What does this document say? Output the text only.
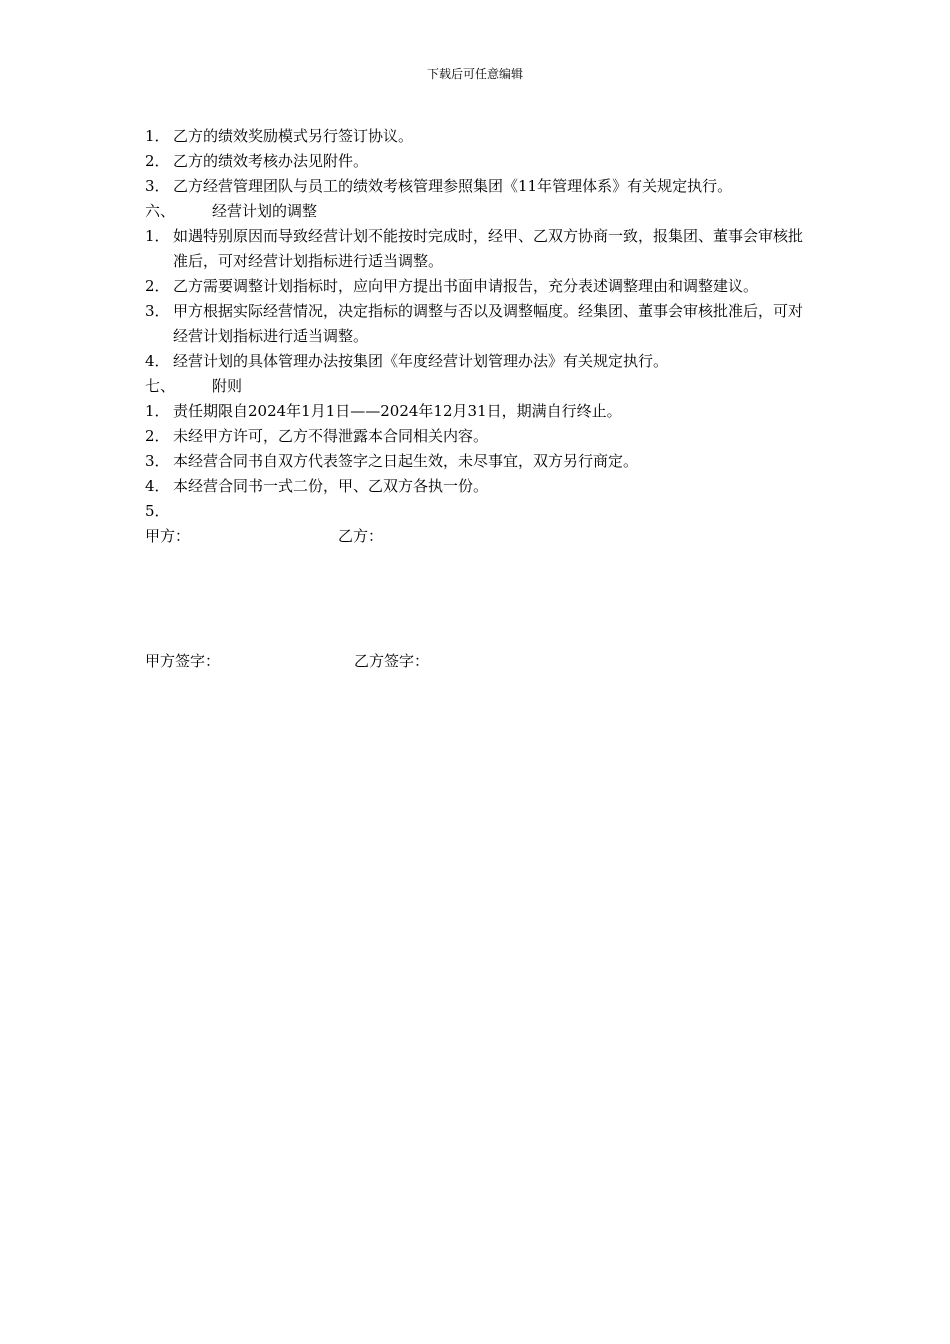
下载后可任意编辑
1． 乙方的绩效奖励模式另行签订协议。
2． 乙方的绩效考核办法见附件。
3． 乙方经营管理团队与员工的绩效考核管理参照集团《11年管理体系》有关规定执行。
六、 经营计划的调整
1． 如遇特别原因而导致经营计划不能按时完成时，经甲、乙双方协商一致，报集团、董事会审核批准后，可对经营计划指标进行适当调整。
2． 乙方需要调整计划指标时，应向甲方提出书面申请报告，充分表述调整理由和调整建议。
3． 甲方根据实际经营情况，决定指标的调整与否以及调整幅度。经集团、董事会审核批准后，可对经营计划指标进行适当调整。
4． 经营计划的具体管理办法按集团《年度经营计划管理办法》有关规定执行。
七、 附则
1． 责任期限自2024年1月1日——2024年12月31日，期满自行终止。
2． 未经甲方许可，乙方不得泄露本合同相关内容。
3． 本经营合同书自双方代表签字之日起生效，未尽事宜，双方另行商定。
4． 本经营合同书一式二份，甲、乙双方各执一份。
5．
甲方：	乙方：
甲方签字：	乙方签字：
